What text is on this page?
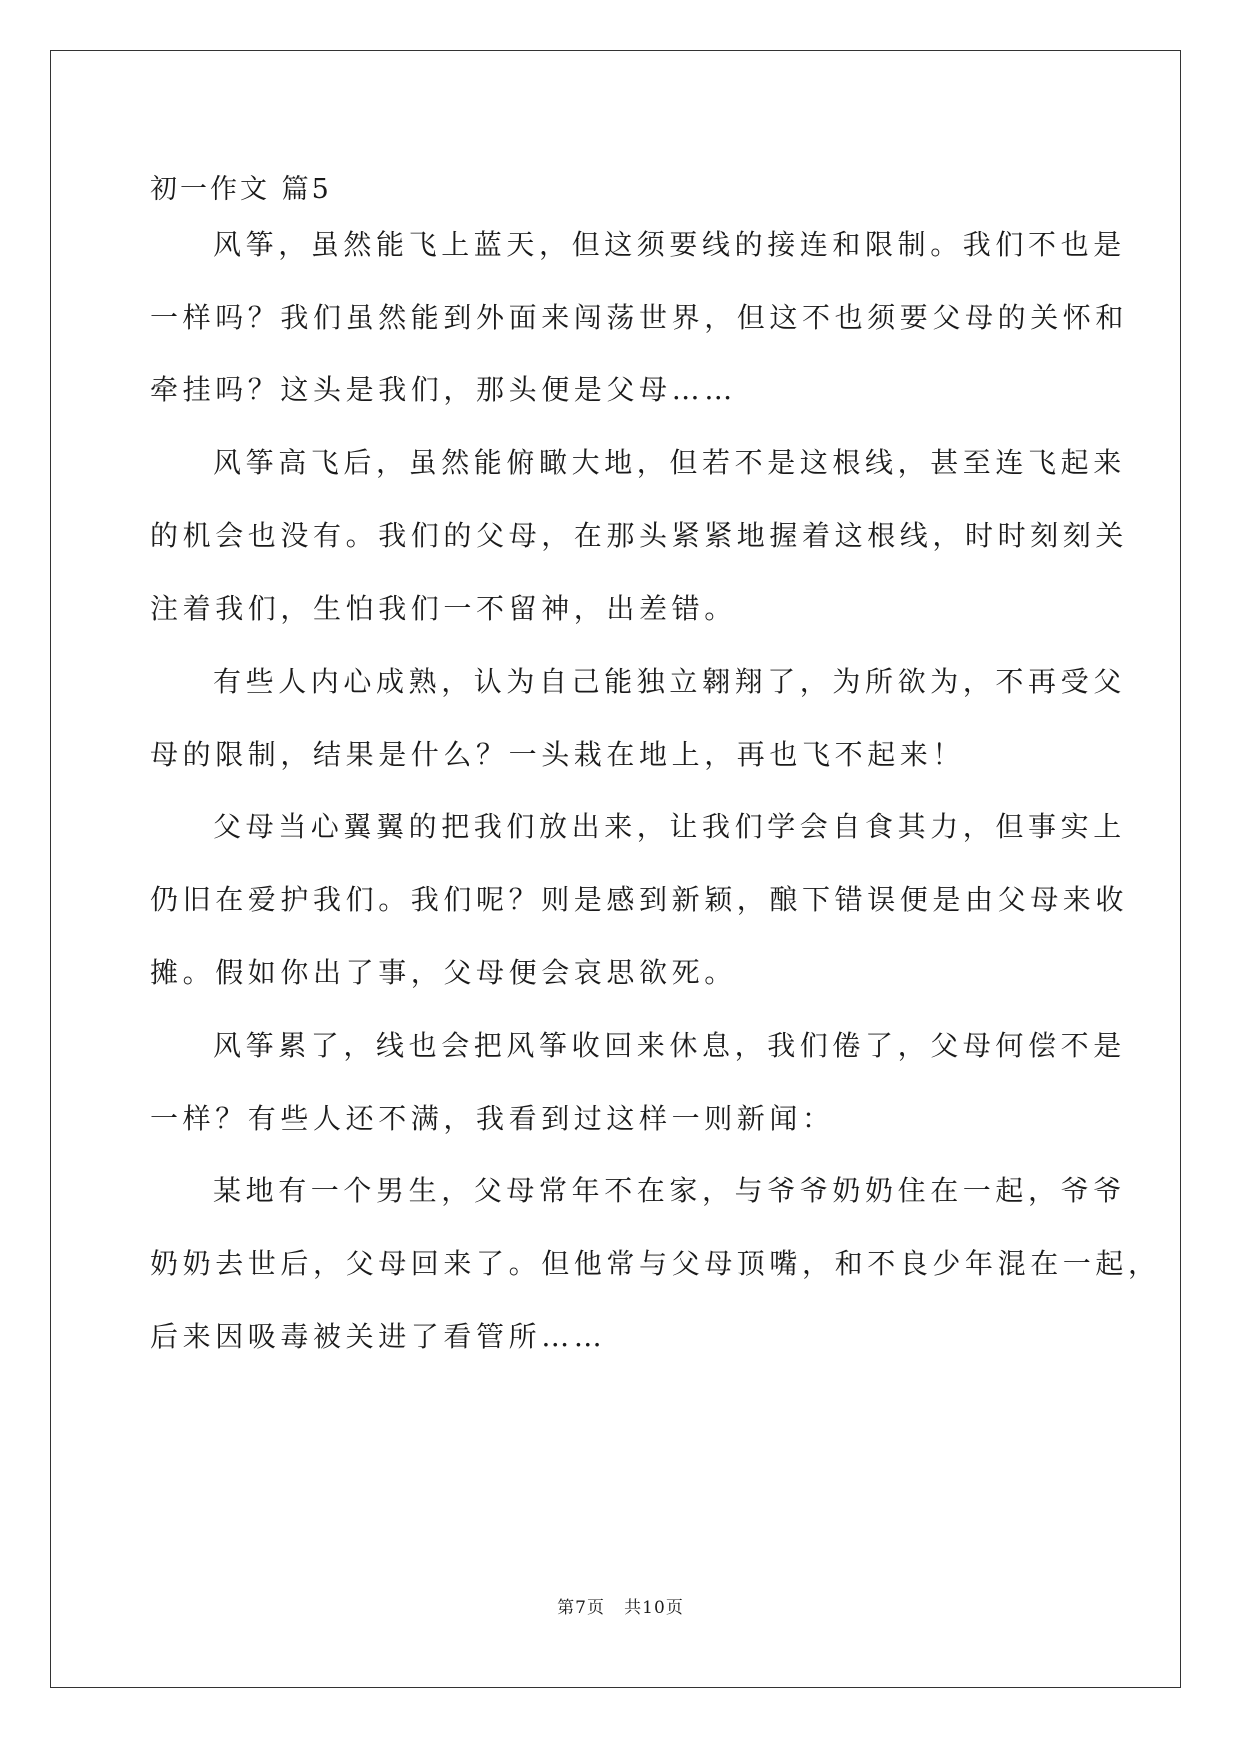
初一作文 篇5
风筝，虽然能飞上蓝天，但这须要线的接连和限制。我们不也是
一样吗？我们虽然能到外面来闯荡世界，但这不也须要父母的关怀和
牵挂吗？这头是我们，那头便是父母……
风筝高飞后，虽然能俯瞰大地，但若不是这根线，甚至连飞起来
的机会也没有。我们的父母，在那头紧紧地握着这根线，时时刻刻关
注着我们，生怕我们一不留神，出差错。
有些人内心成熟，认为自己能独立翱翔了，为所欲为，不再受父
母的限制，结果是什么？一头栽在地上，再也飞不起来！
父母当心翼翼的把我们放出来，让我们学会自食其力，但事实上
仍旧在爱护我们。我们呢？则是感到新颖，酿下错误便是由父母来收
摊。假如你出了事，父母便会哀思欲死。
风筝累了，线也会把风筝收回来休息，我们倦了，父母何偿不是
一样？有些人还不满，我看到过这样一则新闻：
某地有一个男生，父母常年不在家，与爷爷奶奶住在一起，爷爷
奶奶去世后，父母回来了。但他常与父母顶嘴，和不良少年混在一起，
后来因吸毒被关进了看管所……
第7页   共10页
